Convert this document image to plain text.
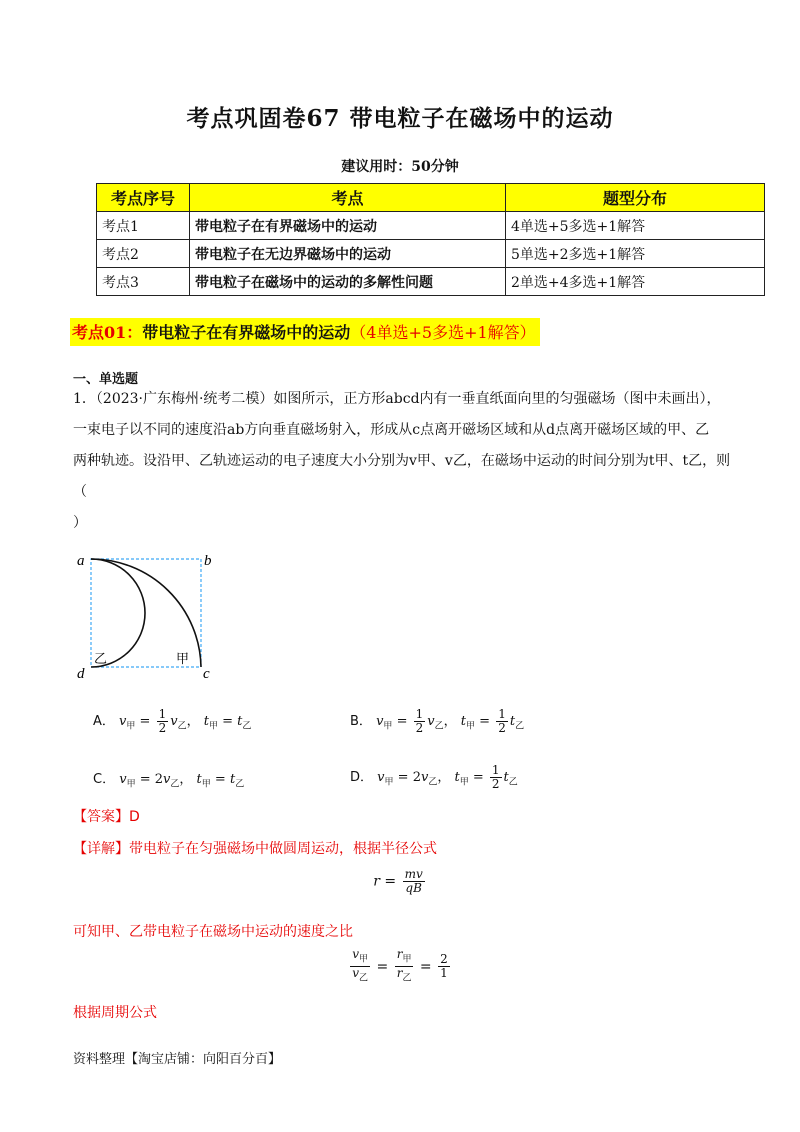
考点巩固卷67 带电粒子在磁场中的运动
建议用时：50分钟
考点序号	考点	题型分布
考点1	带电粒子在有界磁场中的运动	4单选+5多选+1解答
考点2	带电粒子在无边界磁场中的运动	5单选+2多选+1解答
考点3	带电粒子在磁场中的运动的多解性问题	2单选+4多选+1解答
考点01：带电粒子在有界磁场中的运动（4单选+5多选+1解答）
一、单选题

1．（2023·广东梅州·统考二模）如图所示，正方形abcd内有一垂直纸面向里的匀强磁场（图中未画出），

一束电子以不同的速度沿ab方向垂直磁场射入，形成从c点离开磁场区域和从d点离开磁场区域的甲、乙

两种轨迹。设沿甲、乙轨迹运动的电子速度大小分别为v甲、v乙，在磁场中运动的时间分别为t甲、t乙，则（

）

a	b
c
d
乙	甲
A． $v_甲 = \frac{1}{2} v_乙$， $t_甲 = t_乙$	B． $v_甲 = \frac{1}{2} v_乙$， $t_甲 = \frac{1}{2} t_乙$
C． $v_甲 = 2v_乙$， $t_甲 = t_乙$	D． $v_甲 = 2v_乙$， $t_甲 = \frac{1}{2} t_乙$
【答案】D
【详解】带电粒子在匀强磁场中做圆周运动，根据半径公式
$r = \frac{mv}{qB}$
可知甲、乙带电粒子在磁场中运动的速度之比
$\frac{v_甲}{v_乙} = \frac{r_甲}{r_乙} = \frac{2}{1}$
根据周期公式
资料整理【淘宝店铺：向阳百分百】
